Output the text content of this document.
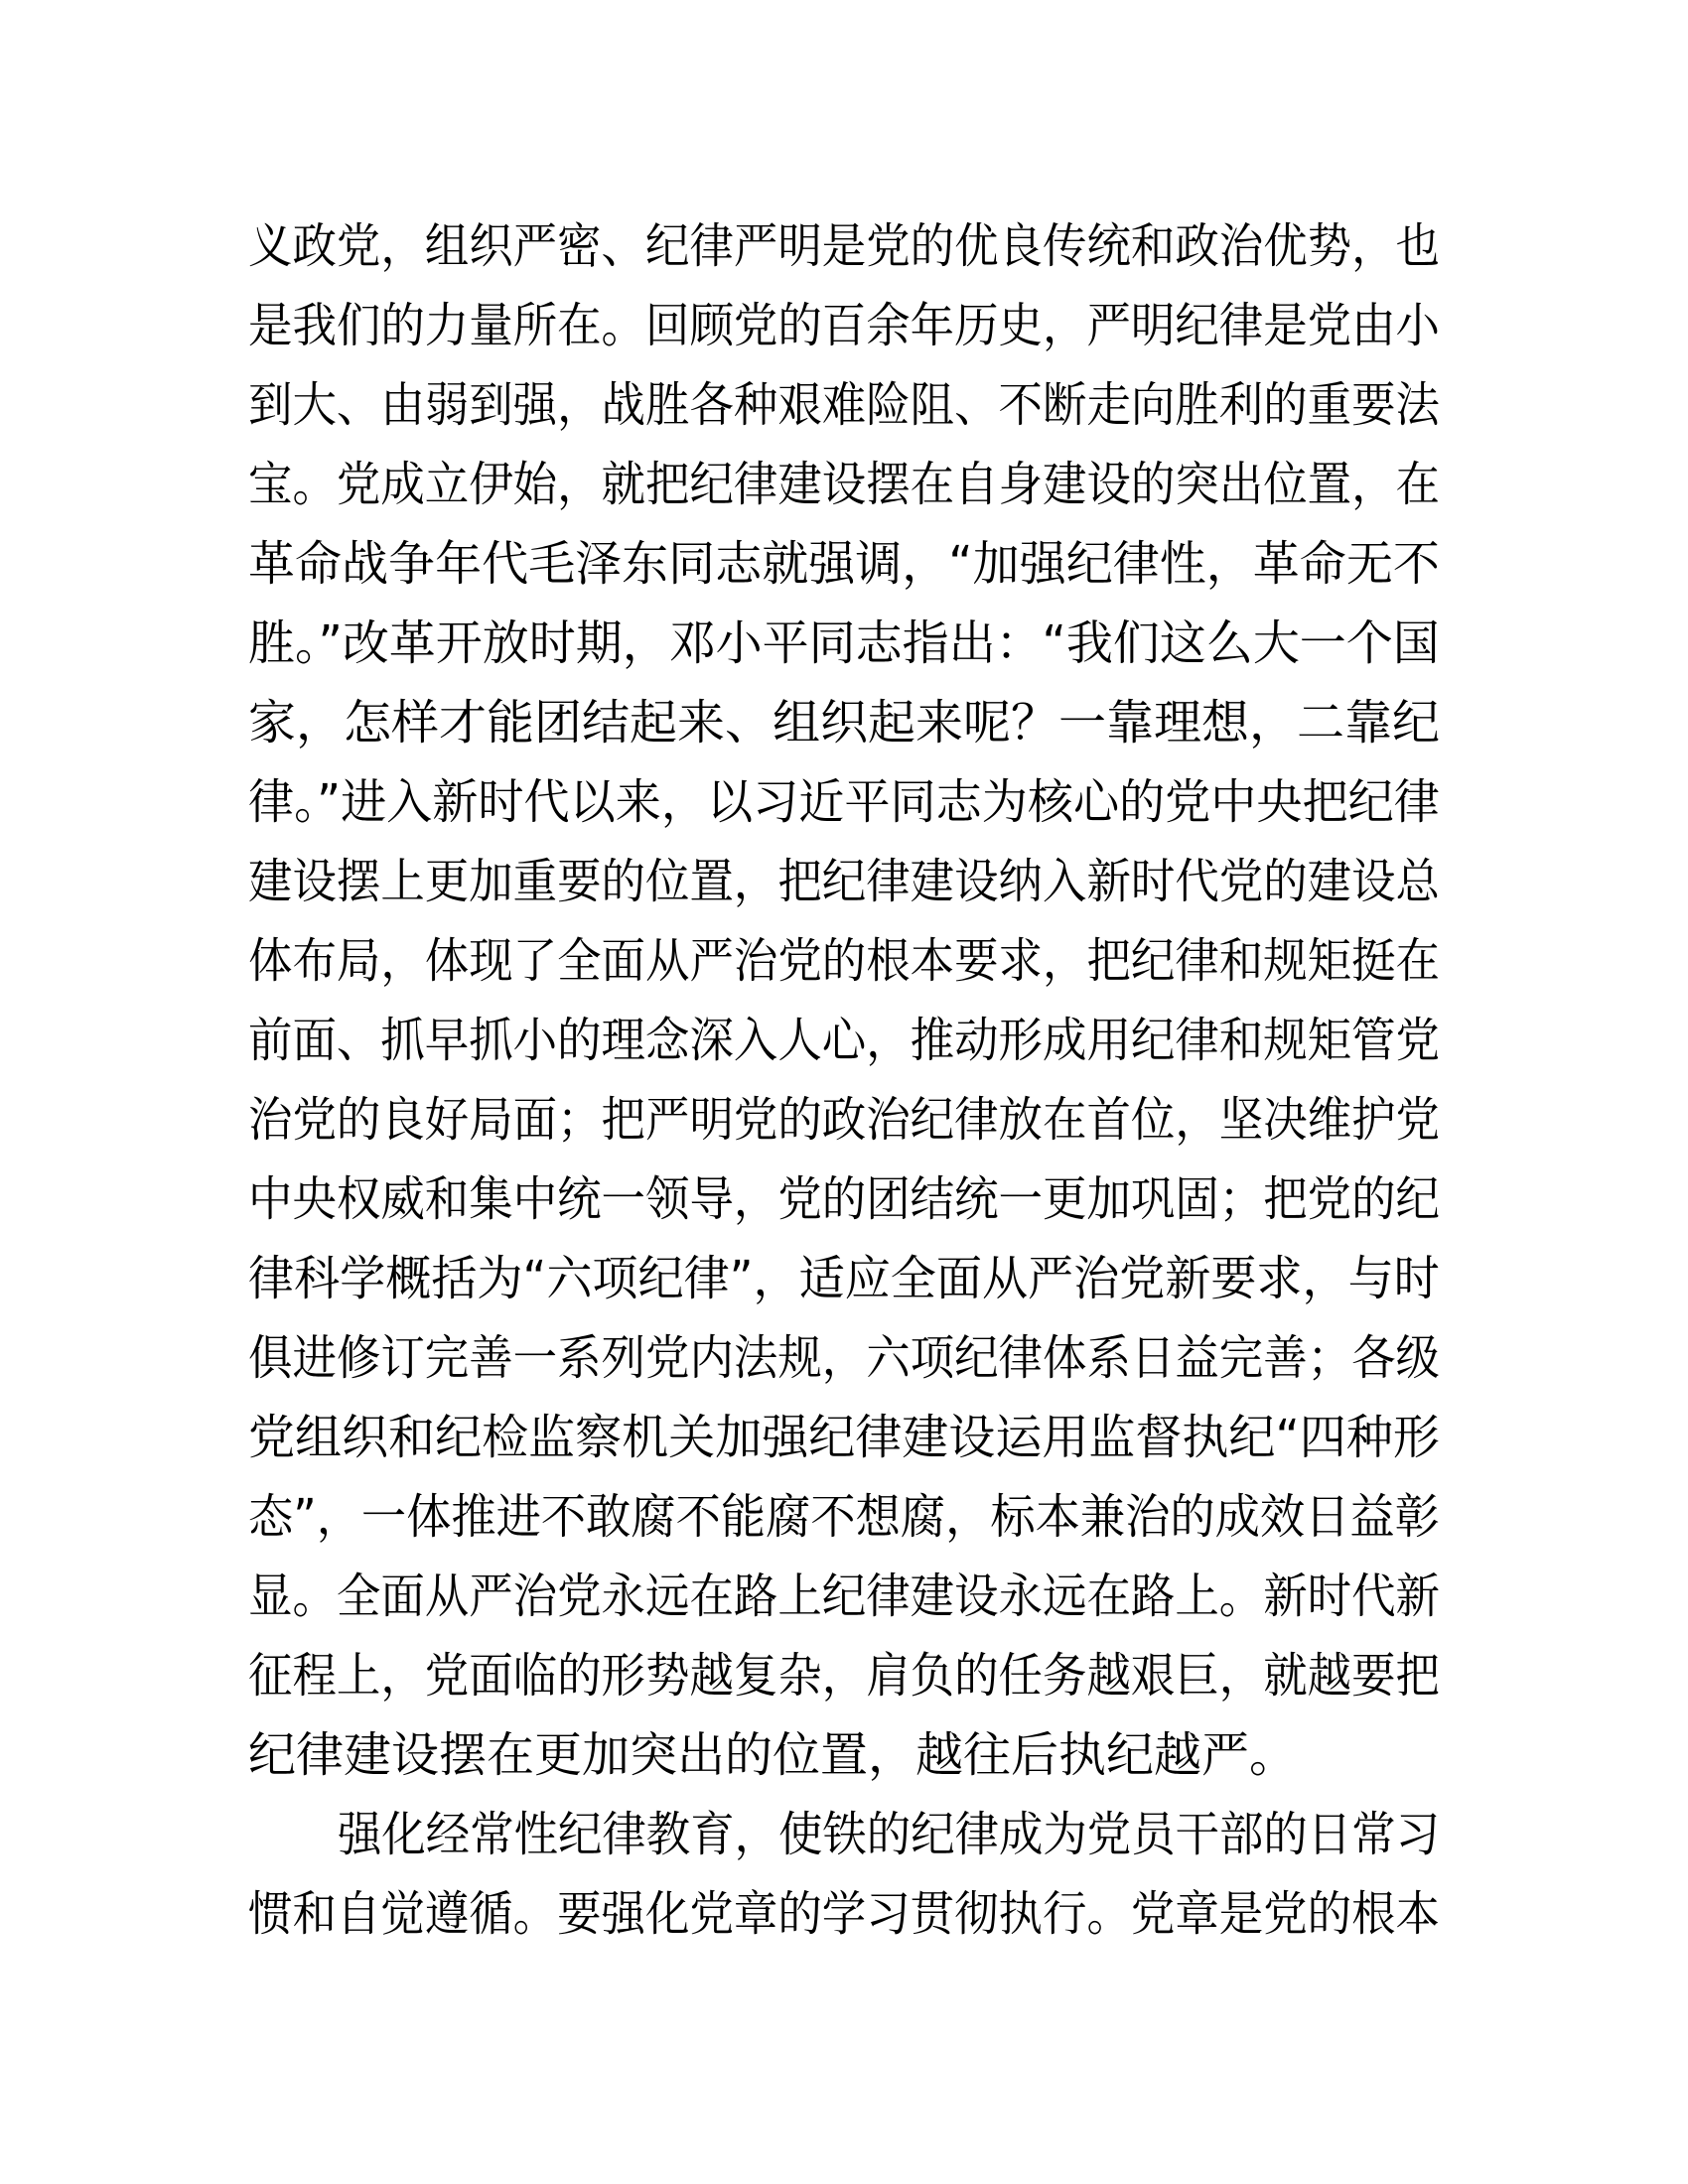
义政党，组织严密、纪律严明是党的优良传统和政治优势，也
是我们的力量所在。回顾党的百余年历史，严明纪律是党由小
到大、由弱到强，战胜各种艰难险阻、不断走向胜利的重要法
宝。党成立伊始，就把纪律建设摆在自身建设的突出位置，在
革命战争年代毛泽东同志就强调，“加强纪律性，革命无不
胜。”改革开放时期，邓小平同志指出：“我们这么大一个国
家，怎样才能团结起来、组织起来呢？一靠理想，二靠纪
律。”进入新时代以来，以习近平同志为核心的党中央把纪律
建设摆上更加重要的位置，把纪律建设纳入新时代党的建设总
体布局，体现了全面从严治党的根本要求，把纪律和规矩挺在
前面、抓早抓小的理念深入人心，推动形成用纪律和规矩管党
治党的良好局面；把严明党的政治纪律放在首位，坚决维护党
中央权威和集中统一领导，党的团结统一更加巩固；把党的纪
律科学概括为“六项纪律”，适应全面从严治党新要求，与时
俱进修订完善一系列党内法规，六项纪律体系日益完善；各级
党组织和纪检监察机关加强纪律建设运用监督执纪“四种形
态”，一体推进不敢腐不能腐不想腐，标本兼治的成效日益彰
显。全面从严治党永远在路上纪律建设永远在路上。新时代新
征程上，党面临的形势越复杂，肩负的任务越艰巨，就越要把
纪律建设摆在更加突出的位置，越往后执纪越严。
强化经常性纪律教育，使铁的纪律成为党员干部的日常习
惯和自觉遵循。要强化党章的学习贯彻执行。党章是党的根本
